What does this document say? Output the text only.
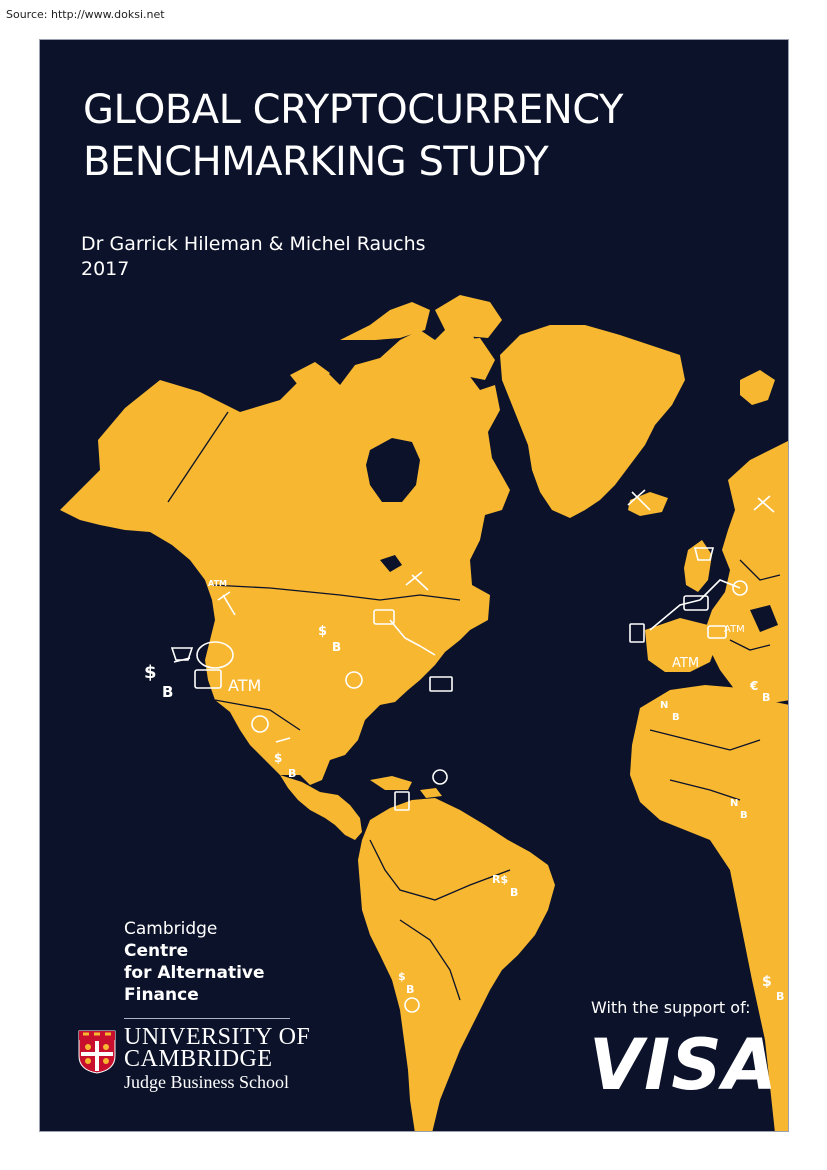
Source: http://www.doksi.net
ATM
ATM
ATM
ATM
$
B
$
B
$
B
€
B
N
B
N
B
R$
B
$
B	$
B
GLOBAL CRYPTOCURRENCY
BENCHMARKING STUDY
Dr Garrick Hileman & Michel Rauchs
2017
Cambridge
Centre
for Alternative
Finance
UNIVERSITY OF
CAMBRIDGE
Judge Business School
With the support of:
VISA
